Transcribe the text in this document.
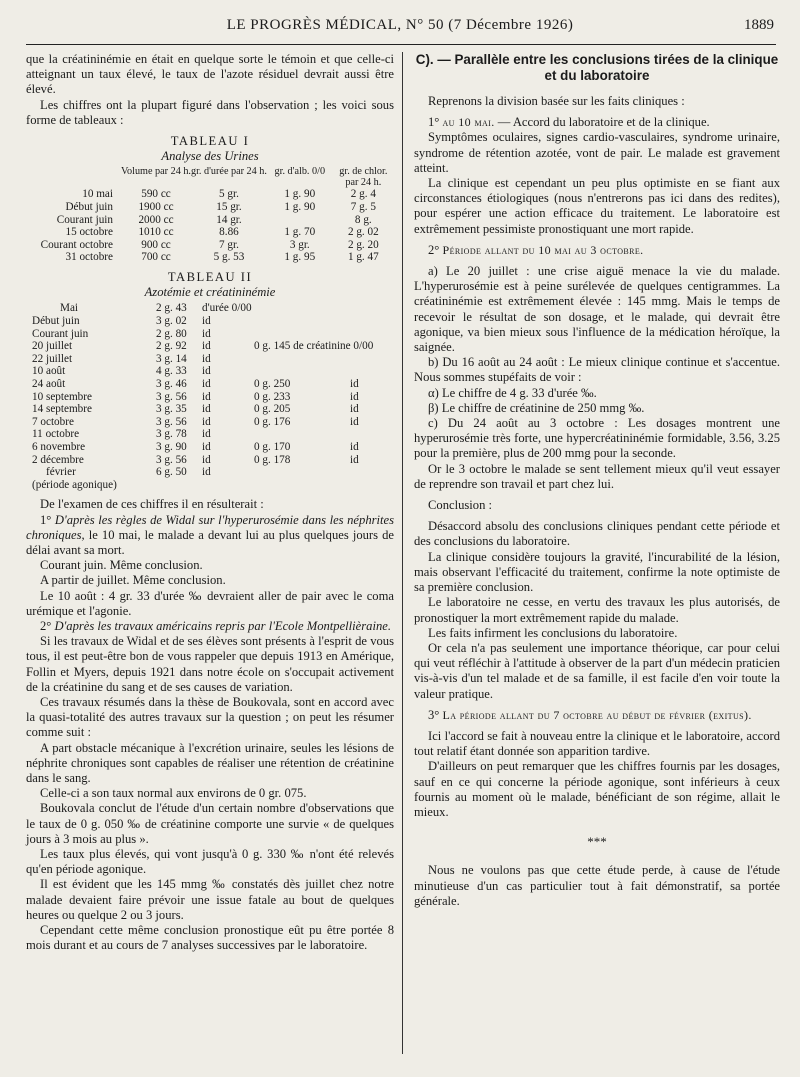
LE PROGRÈS MÉDICAL, N° 50 (7 Décembre 1926)	1889

que la créatininémie en était en quelque sorte le témoin et que celle-ci atteignant un taux élevé, le taux de l'azote résiduel devrait aussi être élevé.

Les chiffres ont la plupart figuré dans l'observation ; les voici sous forme de tableaux :

TABLEAU I
Analyse des Urines
	Volume par 24 h.	gr. d'urée par 24 h.	gr. d'alb. 0/0	gr. de chlor. par 24 h.
10 mai	590 cc	5 gr.	1 g. 90	2 g. 4
Début juin	1900 cc	15 gr.	1 g. 90	7 g. 5
Courant juin	2000 cc	14 gr.		8 g.
15 octobre	1010 cc	8.86	1 g. 70	2 g. 02
Courant octobre	900 cc	7 gr.	3 gr.	2 g. 20
31 octobre	700 cc	5 g. 53	1 g. 95	1 g. 47
TABLEAU II
Azotémie et créatininémie
Mai	2 g. 43	d'urée 0/00		
Début juin	3 g. 02	id		
Courant juin	2 g. 80	id		
20 juillet	2 g. 92	id	0 g. 145 de créatinine 0/00	
22 juillet	3 g. 14	id		
10 août	4 g. 33	id		
24 août	3 g. 46	id	0 g. 250	id
10 septembre	3 g. 56	id	0 g. 233	id
14 septembre	3 g. 35	id	0 g. 205	id
7 octobre	3 g. 56	id	0 g. 176	id
11 octobre	3 g. 78	id		
6 novembre	3 g. 90	id	0 g. 170	id
2 décembre	3 g. 56	id	0 g. 178	id
février	6 g. 50	id		
(période agonique)				

De l'examen de ces chiffres il en résulterait :

1° D'après les règles de Widal sur l'hyperurosémie dans les néphrites chroniques, le 10 mai, le malade a devant lui au plus quelques jours de délai avant sa mort.

Courant juin. Même conclusion.

A partir de juillet. Même conclusion.

Le 10 août : 4 gr. 33 d'urée ‰ devraient aller de pair avec le coma urémique et l'agonie.

2° D'après les travaux américains repris par l'Ecole Montpellièraine.

Si les travaux de Widal et de ses élèves sont présents à l'esprit de vous tous, il est peut-être bon de vous rappeler que depuis 1913 en Amérique, Follin et Myers, depuis 1921 dans notre école on s'occupait activement de la créatinine du sang et de ses causes de variation.

Ces travaux résumés dans la thèse de Boukovala, sont en accord avec la quasi-totalité des autres travaux sur la question ; on peut les résumer comme suit :

A part obstacle mécanique à l'excrétion urinaire, seules les lésions de néphrite chroniques sont capables de réaliser une rétention de créatinine dans le sang.

Celle-ci a son taux normal aux environs de 0 gr. 075.

Boukovala conclut de l'étude d'un certain nombre d'observations que le taux de 0 g. 050 ‰ de créatinine comporte une survie « de quelques jours à 3 mois au plus ».

Les taux plus élevés, qui vont jusqu'à 0 g. 330 ‰ n'ont été relevés qu'en période agonique.

Il est évident que les 145 mmg ‰ constatés dès juillet chez notre malade devaient faire prévoir une issue fatale au bout de quelques heures ou quelque 2 ou 3 jours.

Cependant cette même conclusion pronostique eût pu être portée 8 mois durant et au cours de 7 analyses successives par le laboratoire.

C). — Parallèle entre les conclusions tirées de la clinique et du laboratoire

Reprenons la division basée sur les faits cliniques :

1° au 10 mai. — Accord du laboratoire et de la clinique.

Symptômes oculaires, signes cardio-vasculaires, syndrome urinaire, syndrome de rétention azotée, vont de pair. Le malade est gravement atteint.

La clinique est cependant un peu plus optimiste en se fiant aux circonstances étiologiques (nous n'entrerons pas ici dans des redites), pour espérer une action efficace du traitement. Le laboratoire est extrêmement pessimiste pronostiquant une mort rapide.

2° Période allant du 10 mai au 3 octobre.

a) Le 20 juillet : une crise aiguë menace la vie du malade. L'hyperurosémie est à peine surélevée de quelques centigrammes. La créatininémie est extrêmement élevée : 145 mmg. Mais le temps de recevoir le résultat de son dosage, et le malade, qui devrait être agonique, va bien mieux sous l'influence de la médication héroïque, la saignée.

b) Du 16 août au 24 août : Le mieux clinique continue et s'accentue. Nous sommes stupéfaits de voir :

α) Le chiffre de 4 g. 33 d'urée ‰.

β) Le chiffre de créatinine de 250 mmg ‰.

c) Du 24 août au 3 octobre : Les dosages montrent une hyperurosémie très forte, une hypercréatininémie formidable, 3.56, 3.25 pour la première, plus de 200 mmg pour la seconde.

Or le 3 octobre le malade se sent tellement mieux qu'il veut essayer de reprendre son travail et part chez lui.

Conclusion :

Désaccord absolu des conclusions cliniques pendant cette période et des conclusions du laboratoire.

La clinique considère toujours la gravité, l'incurabilité de la lésion, mais observant l'efficacité du traitement, confirme la note optimiste de sa première conclusion.

Le laboratoire ne cesse, en vertu des travaux les plus autorisés, de pronostiquer la mort extrêmement rapide du malade.

Les faits infirment les conclusions du laboratoire.

Or cela n'a pas seulement une importance théorique, car pour celui qui veut réfléchir à l'attitude à observer de la part d'un médecin praticien vis-à-vis d'un tel malade et de sa famille, il est facile d'en voir toute la valeur pratique.

3° La période allant du 7 octobre au début de février (exitus).

Ici l'accord se fait à nouveau entre la clinique et le laboratoire, accord tout relatif étant donnée son apparition tardive.

D'ailleurs on peut remarquer que les chiffres fournis par les dosages, sauf en ce qui concerne la période agonique, sont inférieurs à ceux fournis au moment où le malade, bénéficiant de son régime, allait le mieux.

***

Nous ne voulons pas que cette étude perde, à cause de l'étude minutieuse d'un cas particulier tout à fait démonstratif, sa portée générale.
